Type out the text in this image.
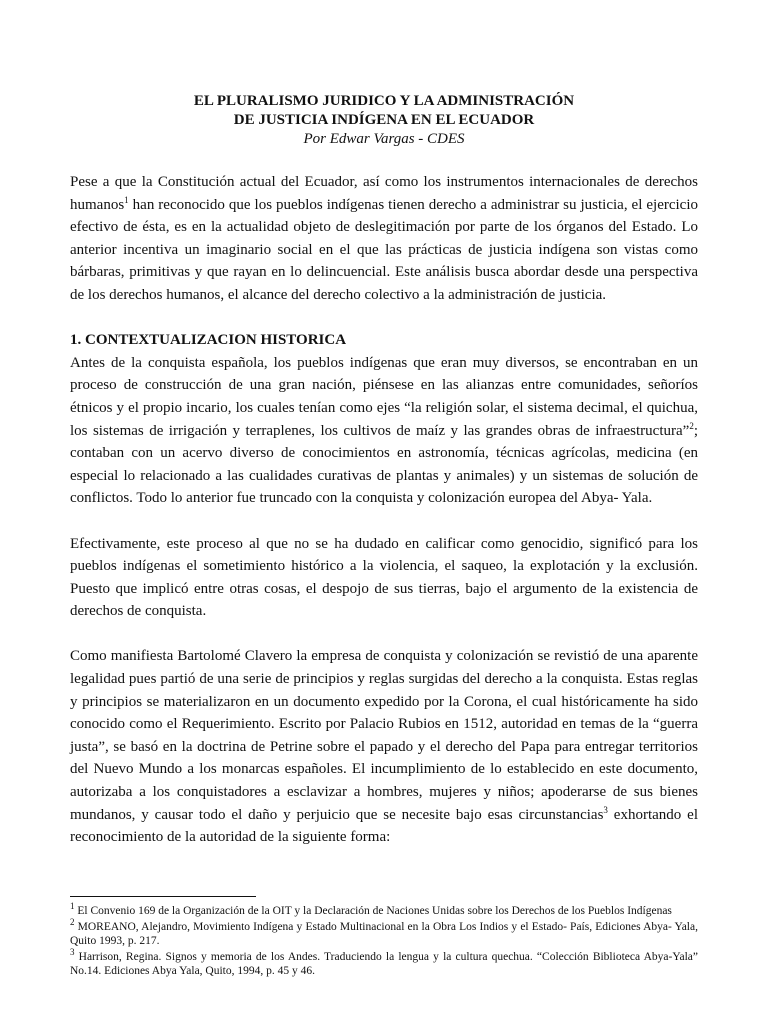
EL PLURALISMO JURIDICO Y LA ADMINISTRACIÓN
DE JUSTICIA INDÍGENA EN EL ECUADOR
Por Edwar Vargas - CDES

Pese a que la Constitución actual del Ecuador, así como los instrumentos internacionales de derechos humanos$^1$ han reconocido que los pueblos indígenas tienen derecho a administrar su justicia, el ejercicio efectivo de ésta, es en la actualidad objeto de deslegitimación por parte de los órganos del Estado. Lo anterior incentiva un imaginario social en el que las prácticas de justicia indígena son vistas como bárbaras, primitivas y que rayan en lo delincuencial. Este análisis busca abordar desde una perspectiva de los derechos humanos, el alcance del derecho colectivo a la administración de justicia.

1. CONTEXTUALIZACION HISTORICA

Antes de la conquista española, los pueblos indígenas que eran muy diversos, se encontraban en un proceso de construcción de una gran nación, piénsese en las alianzas entre comunidades, señoríos étnicos y el propio incario, los cuales tenían como ejes “la religión solar, el sistema decimal, el quichua, los sistemas de irrigación y terraplenes, los cultivos de maíz y las grandes obras de infraestructura”$^2$; contaban con un acervo diverso de conocimientos en astronomía, técnicas agrícolas, medicina (en especial lo relacionado a las cualidades curativas de plantas y animales) y un sistemas de solución de conflictos. Todo lo anterior fue truncado con la conquista y colonización europea del Abya- Yala.

Efectivamente, este proceso al que no se ha dudado en calificar como genocidio, significó para los pueblos indígenas el sometimiento histórico a la violencia, el saqueo, la explotación y la exclusión. Puesto que implicó entre otras cosas, el despojo de sus tierras, bajo el argumento de la existencia de derechos de conquista.

Como manifiesta Bartolomé Clavero la empresa de conquista y colonización se revistió de una aparente legalidad pues partió de una serie de principios y reglas surgidas del derecho a la conquista. Estas reglas y principios se materializaron en un documento expedido por la Corona, el cual históricamente ha sido conocido como el Requerimiento. Escrito por Palacio Rubios en 1512, autoridad en temas de la “guerra justa”, se basó en la doctrina de Petrine sobre el papado y el derecho del Papa para entregar territorios del Nuevo Mundo a los monarcas españoles. El incumplimiento de lo establecido en este documento, autorizaba a los conquistadores a esclavizar a hombres, mujeres y niños; apoderarse de sus bienes mundanos, y causar todo el daño y perjuicio que se necesite bajo esas circunstancias$^3$ exhortando el reconocimiento de la autoridad de la siguiente forma:

$^1$ El Convenio 169 de la Organización de la OIT y la Declaración de Naciones Unidas sobre los Derechos de los Pueblos Indígenas

$^2$ MOREANO, Alejandro, Movimiento Indígena y Estado Multinacional en la Obra Los Indios y el Estado- País, Ediciones Abya- Yala, Quito 1993, p. 217.

$^3$ Harrison, Regina. Signos y memoria de los Andes. Traduciendo la lengua y la cultura quechua. “Colección Biblioteca Abya-Yala” No.14. Ediciones Abya Yala, Quito, 1994, p. 45 y 46.
